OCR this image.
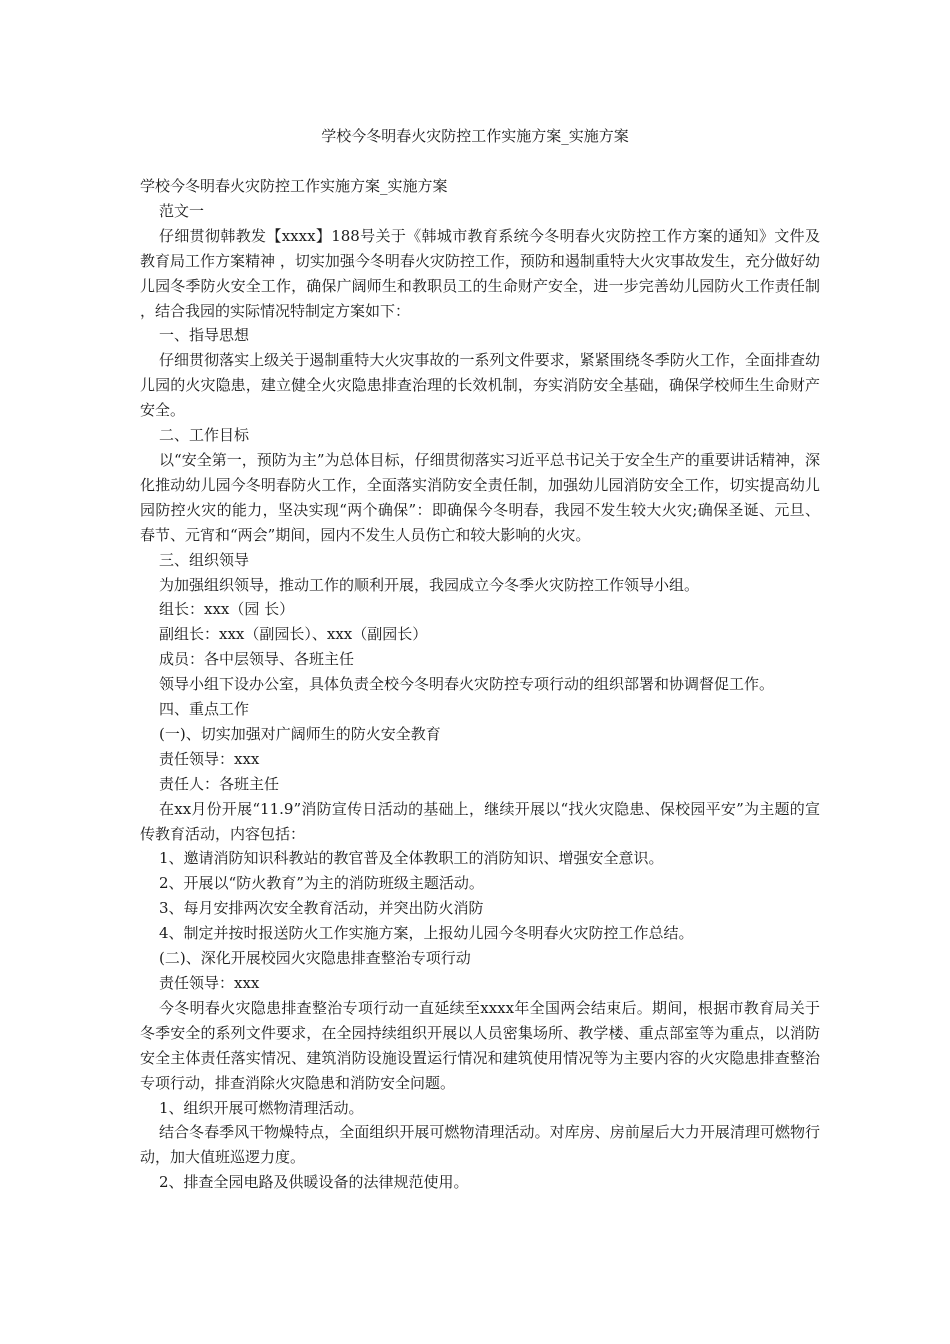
学校今冬明春火灾防控工作实施方案_实施方案

学校今冬明春火灾防控工作实施方案_实施方案

范文一

仔细贯彻韩教发【xxxx】188号关于《韩城市教育系统今冬明春火灾防控工作方案的通知》文件及教育局工作方案精神 ，切实加强今冬明春火灾防控工作，预防和遏制重特大火灾事故发生，充分做好幼儿园冬季防火安全工作，确保广阔师生和教职员工的生命财产安全，进一步完善幼儿园防火工作责任制 ，结合我园的实际情况特制定方案如下：

一、指导思想

仔细贯彻落实上级关于遏制重特大火灾事故的一系列文件要求，紧紧围绕冬季防火工作，全面排查幼儿园的火灾隐患，建立健全火灾隐患排查治理的长效机制，夯实消防安全基础，确保学校师生生命财产安全。

二、工作目标

以“安全第一，预防为主”为总体目标，仔细贯彻落实习近平总书记关于安全生产的重要讲话精神，深化推动幼儿园今冬明春防火工作，全面落实消防安全责任制，加强幼儿园消防安全工作，切实提高幼儿园防控火灾的能力，坚决实现“两个确保”：即确保今冬明春，我园不发生较大火灾;确保圣诞、元旦、春节、元宵和“两会”期间，园内不发生人员伤亡和较大影响的火灾。

三、组织领导

为加强组织领导，推动工作的顺利开展，我园成立今冬季火灾防控工作领导小组。

组长：xxx（园 长）

副组长：xxx（副园长）、xxx（副园长）

成员：各中层领导、各班主任

领导小组下设办公室，具体负责全校今冬明春火灾防控专项行动的组织部署和协调督促工作。

四、重点工作

(一)、切实加强对广阔师生的防火安全教育

责任领导：xxx

责任人：各班主任

在xx月份开展“11.9”消防宣传日活动的基础上，继续开展以“找火灾隐患、保校园平安”为主题的宣传教育活动，内容包括：

1、邀请消防知识科教站的教官普及全体教职工的消防知识、增强安全意识。

2、开展以“防火教育”为主的消防班级主题活动。

3、每月安排两次安全教育活动，并突出防火消防

4、制定并按时报送防火工作实施方案，上报幼儿园今冬明春火灾防控工作总结。

(二)、深化开展校园火灾隐患排查整治专项行动

责任领导：xxx

今冬明春火灾隐患排查整治专项行动一直延续至xxxx年全国两会结束后。期间，根据市教育局关于冬季安全的系列文件要求，在全园持续组织开展以人员密集场所、教学楼、重点部室等为重点，以消防安全主体责任落实情况、建筑消防设施设置运行情况和建筑使用情况等为主要内容的火灾隐患排查整治专项行动，排查消除火灾隐患和消防安全问题。

1、组织开展可燃物清理活动。

结合冬春季风干物燥特点，全面组织开展可燃物清理活动。对库房、房前屋后大力开展清理可燃物行动，加大值班巡逻力度。

2、排查全园电路及供暖设备的法律规范使用。
